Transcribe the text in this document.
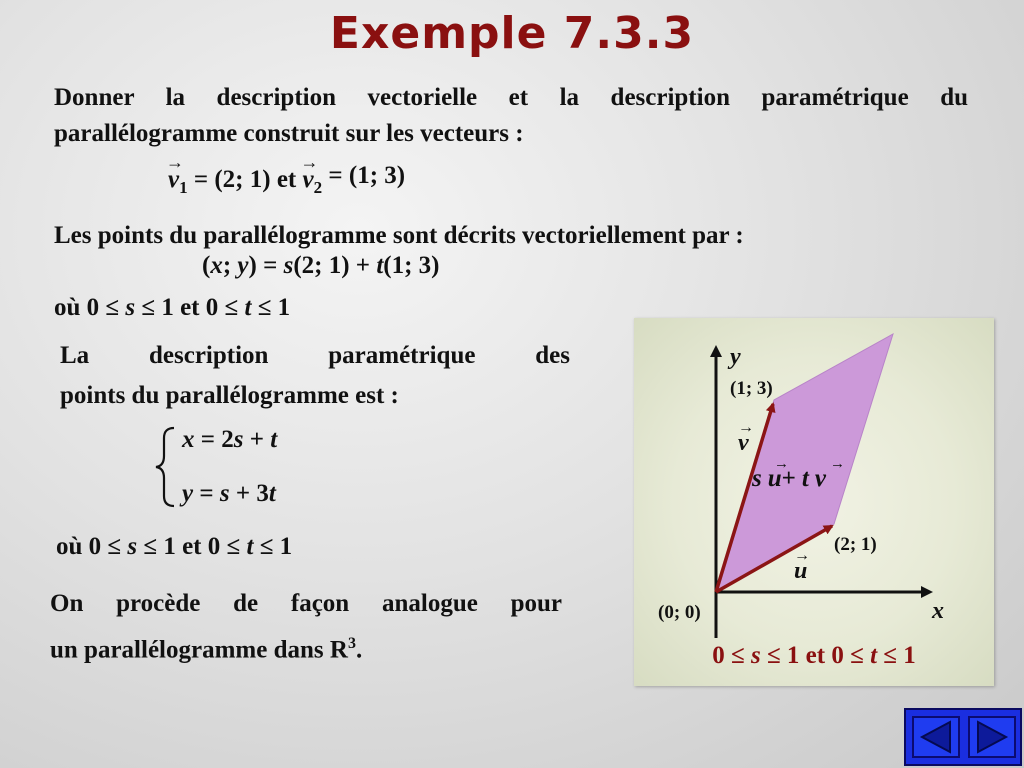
Exemple 7.3.3
Donner la description vectorielle et la description paramétrique du
parallélogramme construit sur les vecteurs :
→
$v_1 = (2$; 1) et
→
$v_2 = (1$; 3)
Les points du parallélogramme sont décrits vectoriellement par :
(x; y) = s(2; 1) + t(1; 3)
où 0 ≤ s ≤ 1 et 0 ≤ t ≤ 1
La description paramétrique des
points du parallélogramme est :
x = 2s + t
y = s + 3t
où 0 ≤ s ≤ 1 et 0 ≤ t ≤ 1
On procède de façon analogue pour
un parallélogramme dans $R^3$.
y
x
(1; 3)
(2; 1)
(0; 0)
v
→
u
→
s u+ t v
→	→
0 ≤ s ≤ 1 et 0 ≤ t ≤ 1
